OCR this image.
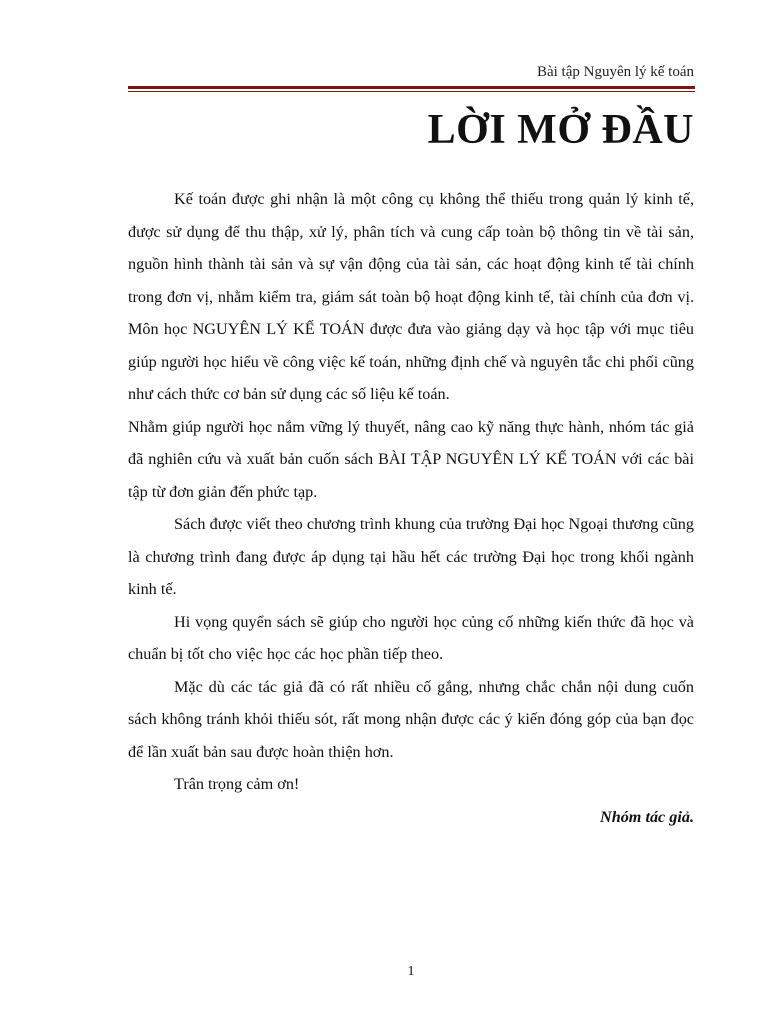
Bài tập Nguyên lý kế toán
LỜI MỞ ĐẦU

Kế toán được ghi nhận là một công cụ không thể thiếu trong quản lý kinh tế, được sử dụng để thu thập, xử lý, phân tích và cung cấp toàn bộ thông tin về tài sản, nguồn hình thành tài sản và sự vận động của tài sản, các hoạt động kinh tế tài chính trong đơn vị, nhằm kiểm tra, giám sát toàn bộ hoạt động kinh tế, tài chính của đơn vị. Môn học NGUYÊN LÝ KẾ TOÁN được đưa vào giảng dạy và học tập với mục tiêu giúp người học hiểu về công việc kế toán, những định chế và nguyên tắc chi phối cũng như cách thức cơ bản sử dụng các số liệu kế toán.

Nhằm giúp người học nắm vững lý thuyết, nâng cao kỹ năng thực hành, nhóm tác giả đã nghiên cứu và xuất bản cuốn sách BÀI TẬP NGUYÊN LÝ KẾ TOÁN với các bài tập từ đơn giản đến phức tạp.

Sách được viết theo chương trình khung của trường Đại học Ngoại thương cũng là chương trình đang được áp dụng tại hầu hết các trường Đại học trong khối ngành kinh tế.

Hi vọng quyển sách sẽ giúp cho người học củng cố những kiến thức đã học và chuẩn bị tốt cho việc học các học phần tiếp theo.

Mặc dù các tác giả đã có rất nhiều cố gắng, nhưng chắc chắn nội dung cuốn sách không tránh khỏi thiếu sót, rất mong nhận được các ý kiến đóng góp của bạn đọc để lần xuất bản sau được hoàn thiện hơn.

Trân trọng cảm ơn!

Nhóm tác giả.

1
